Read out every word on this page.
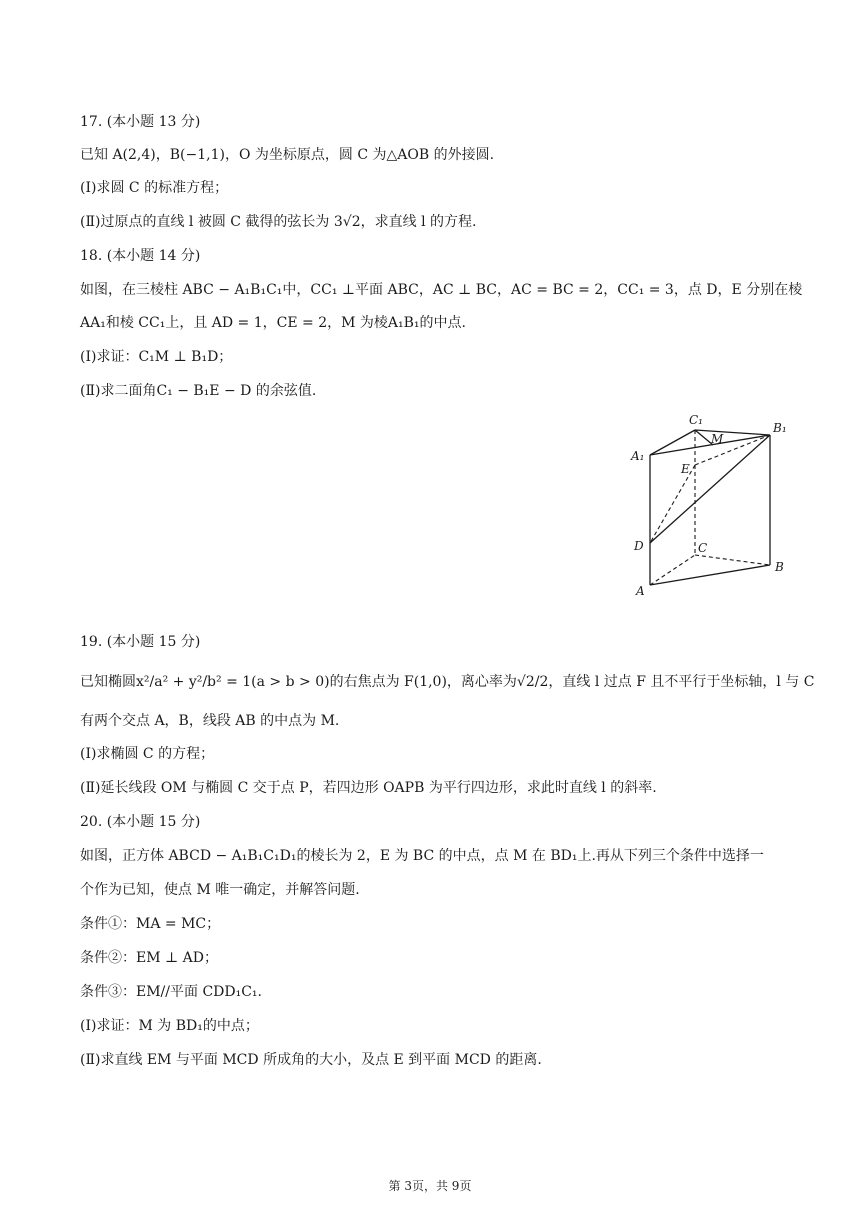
17. (本小题 13 分)
已知 A(2,4)，B(−1,1)，O 为坐标原点，圆 C 为△AOB 的外接圆.
(Ⅰ)求圆 C 的标准方程；
(Ⅱ)过原点的直线 l 被圆 C 截得的弦长为 3√2，求直线 l 的方程.
18. (本小题 14 分)
如图，在三棱柱 ABC − A₁B₁C₁中，CC₁ ⊥平面 ABC，AC ⊥ BC，AC = BC = 2，CC₁ = 3，点 D，E 分别在棱
AA₁和棱 CC₁上，且 AD = 1，CE = 2，M 为棱A₁B₁的中点.
(Ⅰ)求证：C₁M ⊥ B₁D；
(Ⅱ)求二面角C₁ − B₁E − D 的余弦值.
C₁
B₁
A₁
M
E
D	C
B
A
19. (本小题 15 分)
已知椭圆x²/a² + y²/b² = 1(a > b > 0)的右焦点为 F(1,0)，离心率为√2/2，直线 l 过点 F 且不平行于坐标轴，l 与 C
有两个交点 A，B，线段 AB 的中点为 M.
(Ⅰ)求椭圆 C 的方程；
(Ⅱ)延长线段 OM 与椭圆 C 交于点 P，若四边形 OAPB 为平行四边形，求此时直线 l 的斜率.
20. (本小题 15 分)
如图，正方体 ABCD − A₁B₁C₁D₁的棱长为 2，E 为 BC 的中点，点 M 在 BD₁上.再从下列三个条件中选择一
个作为已知，使点 M 唯一确定，并解答问题.
条件①：MA = MC；
条件②：EM ⊥ AD；
条件③：EM//平面 CDD₁C₁.
(Ⅰ)求证：M 为 BD₁的中点；
(Ⅱ)求直线 EM 与平面 MCD 所成角的大小，及点 E 到平面 MCD 的距离.
第 3页，共 9页
